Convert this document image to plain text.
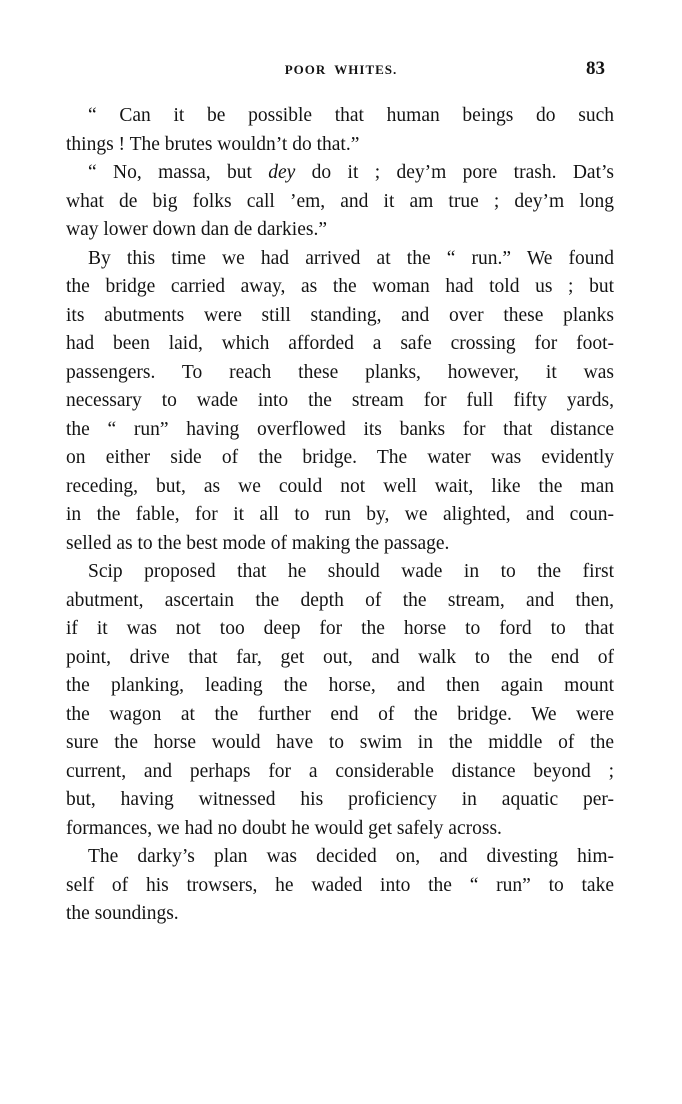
POOR WHITES.	83
“ Can it be possible that human beings do such
things ! The brutes wouldn’t do that.”
“ No, massa, but dey do it ; dey’m pore trash. Dat’s
what de big folks call ’em, and it am true ; dey’m long
way lower down dan de darkies.”
By this time we had arrived at the “ run.” We found
the bridge carried away, as the woman had told us ; but
its abutments were still standing, and over these planks
had been laid, which afforded a safe crossing for foot-
passengers. To reach these planks, however, it was
necessary to wade into the stream for full fifty yards,
the “ run” having overflowed its banks for that distance
on either side of the bridge. The water was evidently
receding, but, as we could not well wait, like the man
in the fable, for it all to run by, we alighted, and coun-
selled as to the best mode of making the passage.
Scip proposed that he should wade in to the first
abutment, ascertain the depth of the stream, and then,
if it was not too deep for the horse to ford to that
point, drive that far, get out, and walk to the end of
the planking, leading the horse, and then again mount
the wagon at the further end of the bridge. We were
sure the horse would have to swim in the middle of the
current, and perhaps for a considerable distance beyond ;
but, having witnessed his proficiency in aquatic per-
formances, we had no doubt he would get safely across.
The darky’s plan was decided on, and divesting him-
self of his trowsers, he waded into the “ run” to take
the soundings.
